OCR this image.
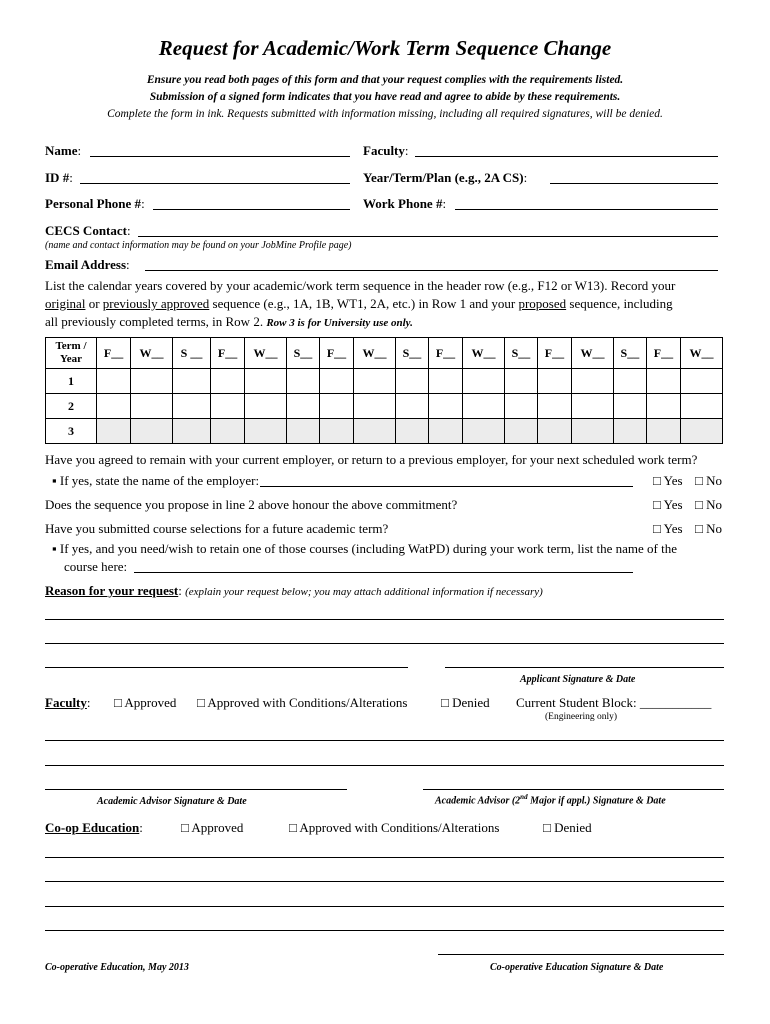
Request for Academic/Work Term Sequence Change
Ensure you read both pages of this form and that your request complies with the requirements listed.
Submission of a signed form indicates that you have read and agree to abide by these requirements.
Complete the form in ink. Requests submitted with information missing, including all required signatures, will be denied.
Name:	Faculty:
ID #:	Year/Term/Plan (e.g., 2A CS):
Personal Phone #:	Work Phone #:
CECS Contact:
(name and contact information may be found on your JobMine Profile page)
Email Address:
List the calendar years covered by your academic/work term sequence in the header row (e.g., F12 or W13). Record your
original or previously approved sequence (e.g., 1A, 1B, WT1, 2A, etc.) in Row 1 and your proposed sequence, including
all previously completed terms, in Row 2. Row 3 is for University use only.
Term /
Year	F__	W__	S __	F__	W__	S__	F__	W__	S__	F__	W__	S__	F__	W__	S__	F__	W__
1																	
2																	
3																	
Have you agreed to remain with your current employer, or return to a previous employer, for your next scheduled work term?
▪ If yes, state the name of the employer:	□ Yes □ No
Does the sequence you propose in line 2 above honour the above commitment?	□ Yes □ No
Have you submitted course selections for a future academic term?	□ Yes □ No
▪ If yes, and you need/wish to retain one of those courses (including WatPD) during your work term, list the name of the
course here:
Reason for your request: (explain your request below; you may attach additional information if necessary)
Applicant Signature & Date
Faculty: □ Approved □ Approved with Conditions/Alterations	□ Denied Current Student Block: ___________
(Engineering only)
Academic Advisor Signature & Date	Academic Advisor (2nd Major if appl.) Signature & Date
Co-op Education:	□ Approved	□ Approved with Conditions/Alterations	□ Denied
Co-operative Education Signature & Date
Co-operative Education, May 2013
